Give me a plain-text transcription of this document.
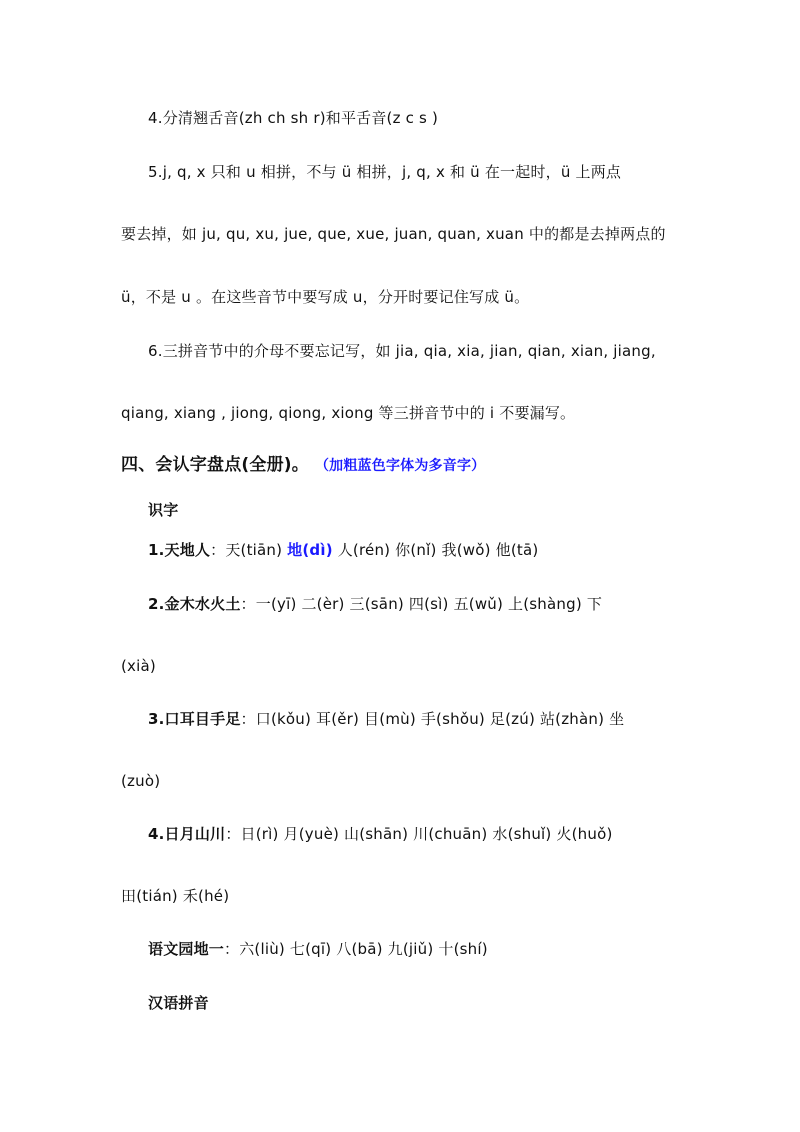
4.分清翘舌音(zh ch sh r)和平舌音(z c s )
5.j, q, x 只和 u 相拼，不与 ü 相拼，j, q, x 和 ü 在一起时，ü 上两点
要去掉，如 ju, qu, xu, jue, que, xue, juan, quan, xuan 中的都是去掉两点的
ü，不是 u 。在这些音节中要写成 u，分开时要记住写成 ü。
6.三拼音节中的介母不要忘记写，如 jia, qia, xia, jian, qian, xian, jiang,
qiang, xiang , jiong, qiong, xiong 等三拼音节中的 i 不要漏写。
四、会认字盘点(全册)。 （加粗蓝色字体为多音字）
识字
1.天地人：天(tiān) 地(dì) 人(rén) 你(nǐ) 我(wǒ) 他(tā)
2.金木水火土：一(yī) 二(èr) 三(sān) 四(sì) 五(wǔ) 上(shàng) 下
(xià)
3.口耳目手足：口(kǒu) 耳(ěr) 目(mù) 手(shǒu) 足(zú) 站(zhàn) 坐
(zuò)
4.日月山川：日(rì) 月(yuè) 山(shān) 川(chuān) 水(shuǐ) 火(huǒ)
田(tián) 禾(hé)
语文园地一：六(liù) 七(qī) 八(bā) 九(jiǔ) 十(shí)
汉语拼音
